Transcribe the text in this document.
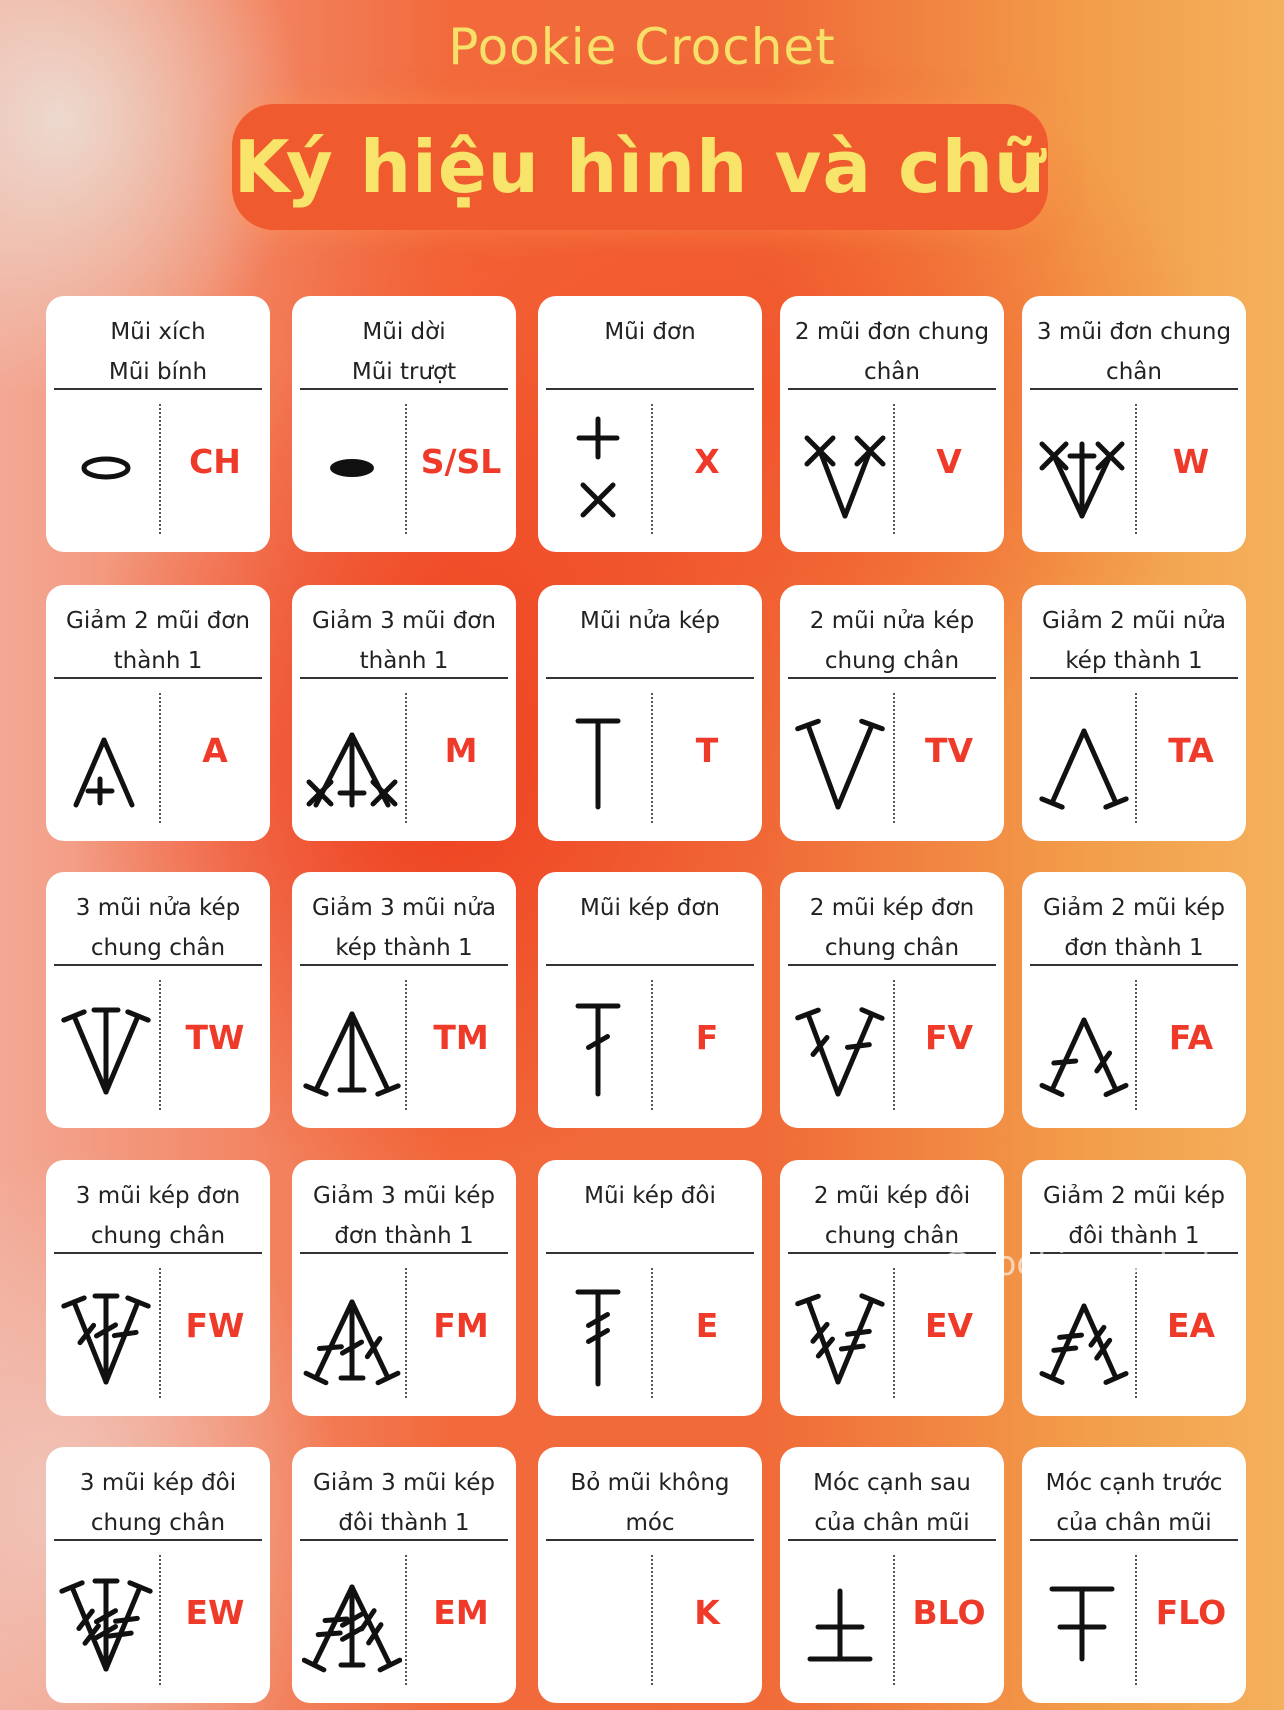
Pookie Crochet
Ký hiệu hình và chữ
Mũi xích
Mũi bính
CH
Mũi dời
Mũi trượt
S/SL
Mũi đơn
X
2 mũi đơn chung
chân
V
3 mũi đơn chung
chân
W
Giảm 2 mũi đơn
thành 1
A
Giảm 3 mũi đơn
thành 1
M
Mũi nửa kép
T
2 mũi nửa kép
chung chân
TV
Giảm 2 mũi nửa
kép thành 1
TA
3 mũi nửa kép
chung chân
TW
Giảm 3 mũi nửa
kép thành 1
TM
Mũi kép đơn
F
2 mũi kép đơn
chung chân
FV
Giảm 2 mũi kép
đơn thành 1
FA
3 mũi kép đơn
chung chân
FW
Giảm 3 mũi kép
đơn thành 1
FM
Mũi kép đôi
E
2 mũi kép đôi
chung chân
EV
Giảm 2 mũi kép
đôi thành 1
EA
3 mũi kép đôi
chung chân
EW
Giảm 3 mũi kép
đôi thành 1
EM
Bỏ mũi không
móc
K
Móc cạnh sau
của chân mũi
BLO
Móc cạnh trước
của chân mũi
FLO
@pookiecrochet
